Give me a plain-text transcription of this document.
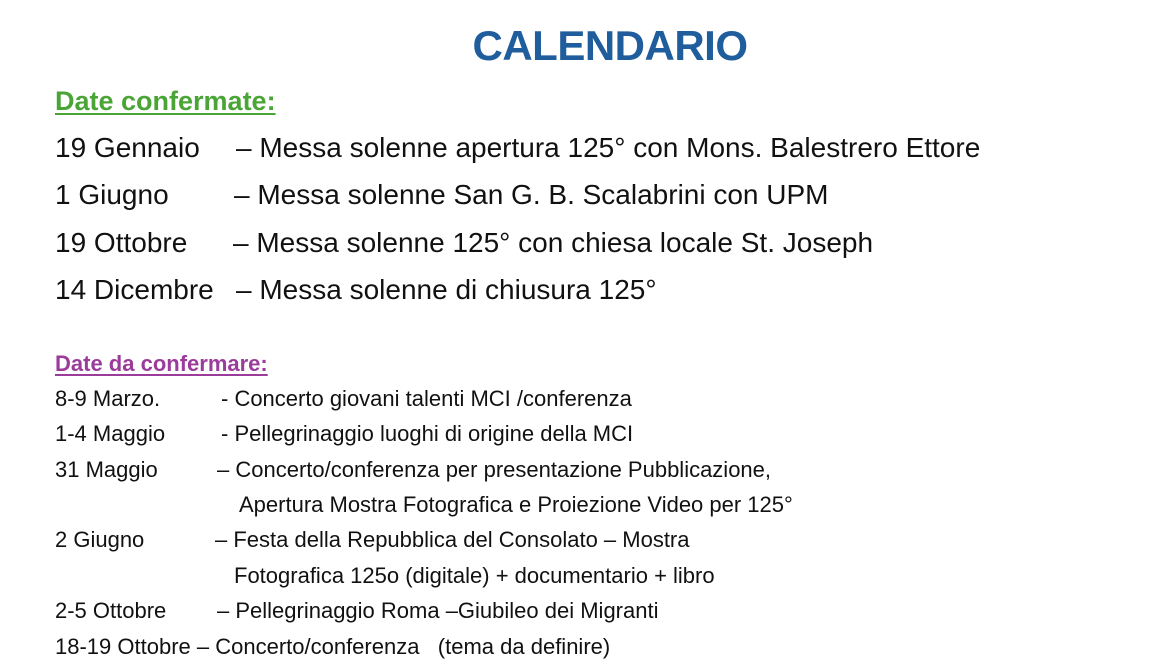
CALENDARIO
Date confermate:
19 Gennaio – Messa solenne apertura 125° con Mons. Balestrero Ettore
1 Giugno – Messa solenne San G. B. Scalabrini con UPM
19 Ottobre – Messa solenne 125° con chiesa locale St. Joseph
14 Dicembre – Messa solenne di chiusura 125°
Date da confermare:
8-9 Marzo.	- Concerto giovani talenti MCI /conferenza
1-4 Maggio	- Pellegrinaggio luoghi di origine della MCI
31 Maggio	– Concerto/conferenza per presentazione Pubblicazione,
Apertura Mostra Fotografica e Proiezione Video per 125°
2 Giugno	– Festa della Repubblica del Consolato – Mostra
Fotografica 125o (digitale) + documentario + libro
2-5 Ottobre – Pellegrinaggio Roma –Giubileo dei Migranti
18-19 Ottobre – Concerto/conferenza   (tema da definire)
